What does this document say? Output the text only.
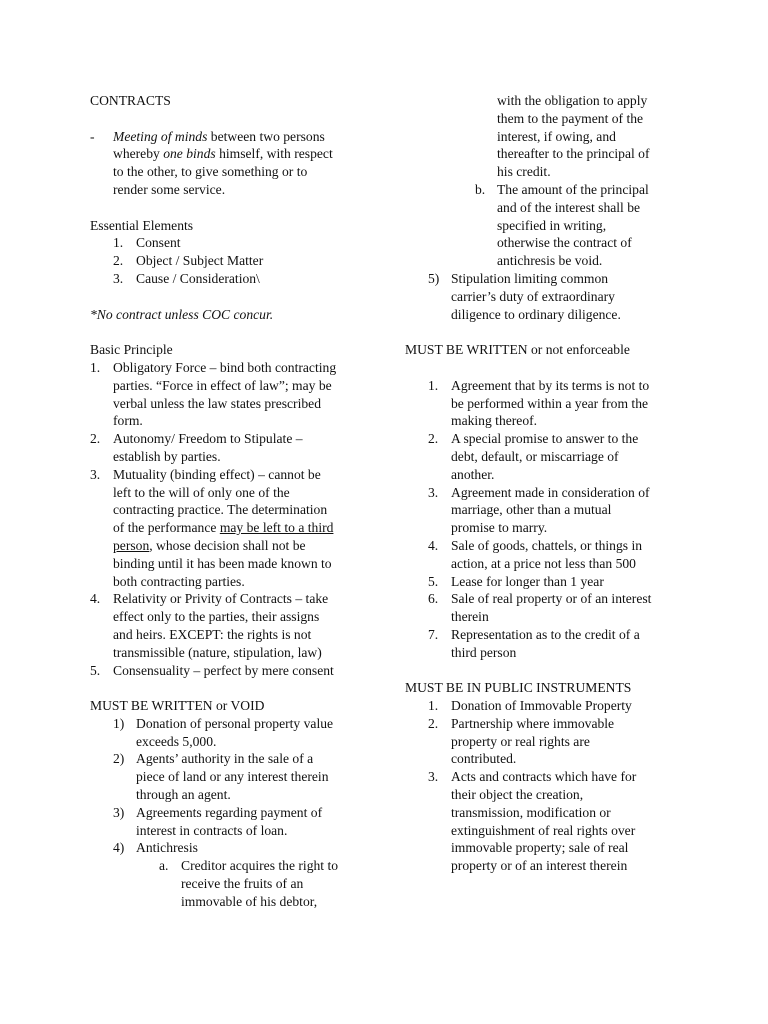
CONTRACTS
- Meeting of minds between two persons
whereby one binds himself, with respect
to the other, to give something or to
render some service.
Essential Elements
1. Consent
2. Object / Subject Matter
3. Cause / Consideration\
*No contract unless COC concur.
Basic Principle
1. Obligatory Force – bind both contracting
parties. “Force in effect of law”; may be
verbal unless the law states prescribed
form.
2. Autonomy/ Freedom to Stipulate –
establish by parties.
3. Mutuality (binding effect) – cannot be
left to the will of only one of the
contracting practice. The determination
of the performance may be left to a third
person, whose decision shall not be
binding until it has been made known to
both contracting parties.
4. Relativity or Privity of Contracts – take
effect only to the parties, their assigns
and heirs. EXCEPT: the rights is not
transmissible (nature, stipulation, law)
5. Consensuality – perfect by mere consent
MUST BE WRITTEN or VOID
1) Donation of personal property value
exceeds 5,000.
2) Agents’ authority in the sale of a
piece of land or any interest therein
through an agent.
3) Agreements regarding payment of
interest in contracts of loan.
4) Antichresis
a. Creditor acquires the right to
receive the fruits of an
immovable of his debtor,
with the obligation to apply
them to the payment of the
interest, if owing, and
thereafter to the principal of
his credit.
b. The amount of the principal
and of the interest shall be
specified in writing,
otherwise the contract of
antichresis be void.
5) Stipulation limiting common
carrier’s duty of extraordinary
diligence to ordinary diligence.
MUST BE WRITTEN or not enforceable
1. Agreement that by its terms is not to
be performed within a year from the
making thereof.
2. A special promise to answer to the
debt, default, or miscarriage of
another.
3. Agreement made in consideration of
marriage, other than a mutual
promise to marry.
4. Sale of goods, chattels, or things in
action, at a price not less than 500
5. Lease for longer than 1 year
6. Sale of real property or of an interest
therein
7. Representation as to the credit of a
third person
MUST BE IN PUBLIC INSTRUMENTS
1. Donation of Immovable Property
2. Partnership where immovable
property or real rights are
contributed.
3. Acts and contracts which have for
their object the creation,
transmission, modification or
extinguishment of real rights over
immovable property; sale of real
property or of an interest therein
